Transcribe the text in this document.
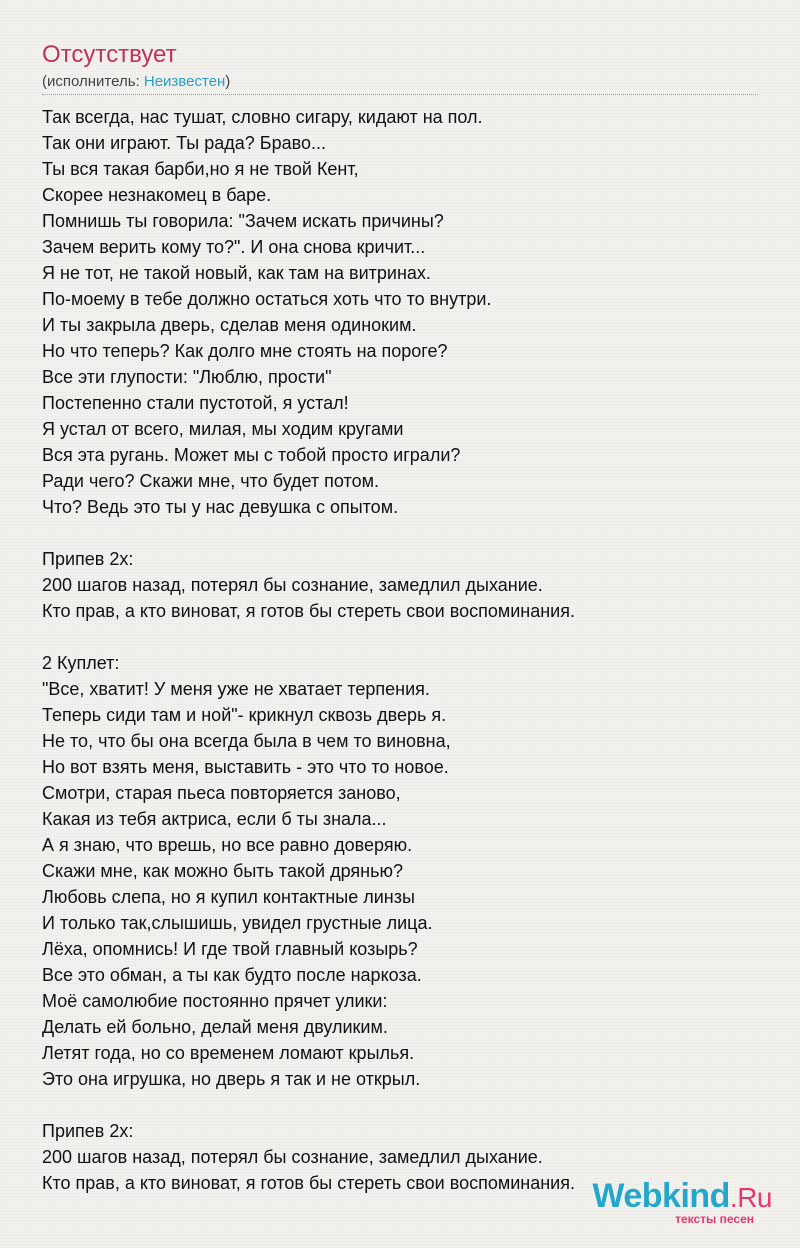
Отсутствует
(исполнитель: Неизвестен)
Так всегда, нас тушат, словно сигару, кидают на пол.
Так они играют. Ты рада? Браво...
Ты вся такая барби,но я не твой Кент,
Скорее незнакомец в баре.
Помнишь ты говорила: "Зачем искать причины?
Зачем верить кому то?". И она снова кричит...
Я не тот, не такой новый, как там на витринах.
По-моему в тебе должно остаться хоть что то внутри.
И ты закрыла дверь, сделав меня одиноким.
Но что теперь? Как долго мне стоять на пороге?
Все эти глупости: "Люблю, прости"
Постепенно стали пустотой, я устал!
Я устал от всего, милая, мы ходим кругами
Вся эта ругань. Может мы с тобой просто играли?
Ради чего? Скажи мне, что будет потом.
Что? Ведь это ты у нас девушка с опытом.
Припев 2х:
200 шагов назад, потерял бы сознание, замедлил дыхание.
Кто прав, а кто виноват, я готов бы стереть свои воспоминания.
2 Куплет:
"Все, хватит! У меня уже не хватает терпения.
Теперь сиди там и ной"- крикнул сквозь дверь я.
Не то, что бы она всегда была в чем то виновна,
Но вот взять меня, выставить - это что то новое.
Смотри, старая пьеса повторяется заново,
Какая из тебя актриса, если б ты знала...
А я знаю, что врешь, но все равно доверяю.
Скажи мне, как можно быть такой дрянью?
Любовь слепа, но я купил контактные линзы
И только так,слышишь, увидел грустные лица.
Лёха, опомнись! И где твой главный козырь?
Все это обман, а ты как будто после наркоза.
Моё самолюбие постоянно прячет улики:
Делать ей больно, делай меня двуликим.
Летят года, но со временем ломают крылья.
Это она игрушка, но дверь я так и не открыл.
Припев 2х:
200 шагов назад, потерял бы сознание, замедлил дыхание.
Кто прав, а кто виноват, я готов бы стереть свои воспоминания. Webkind.Ru
тексты песен
